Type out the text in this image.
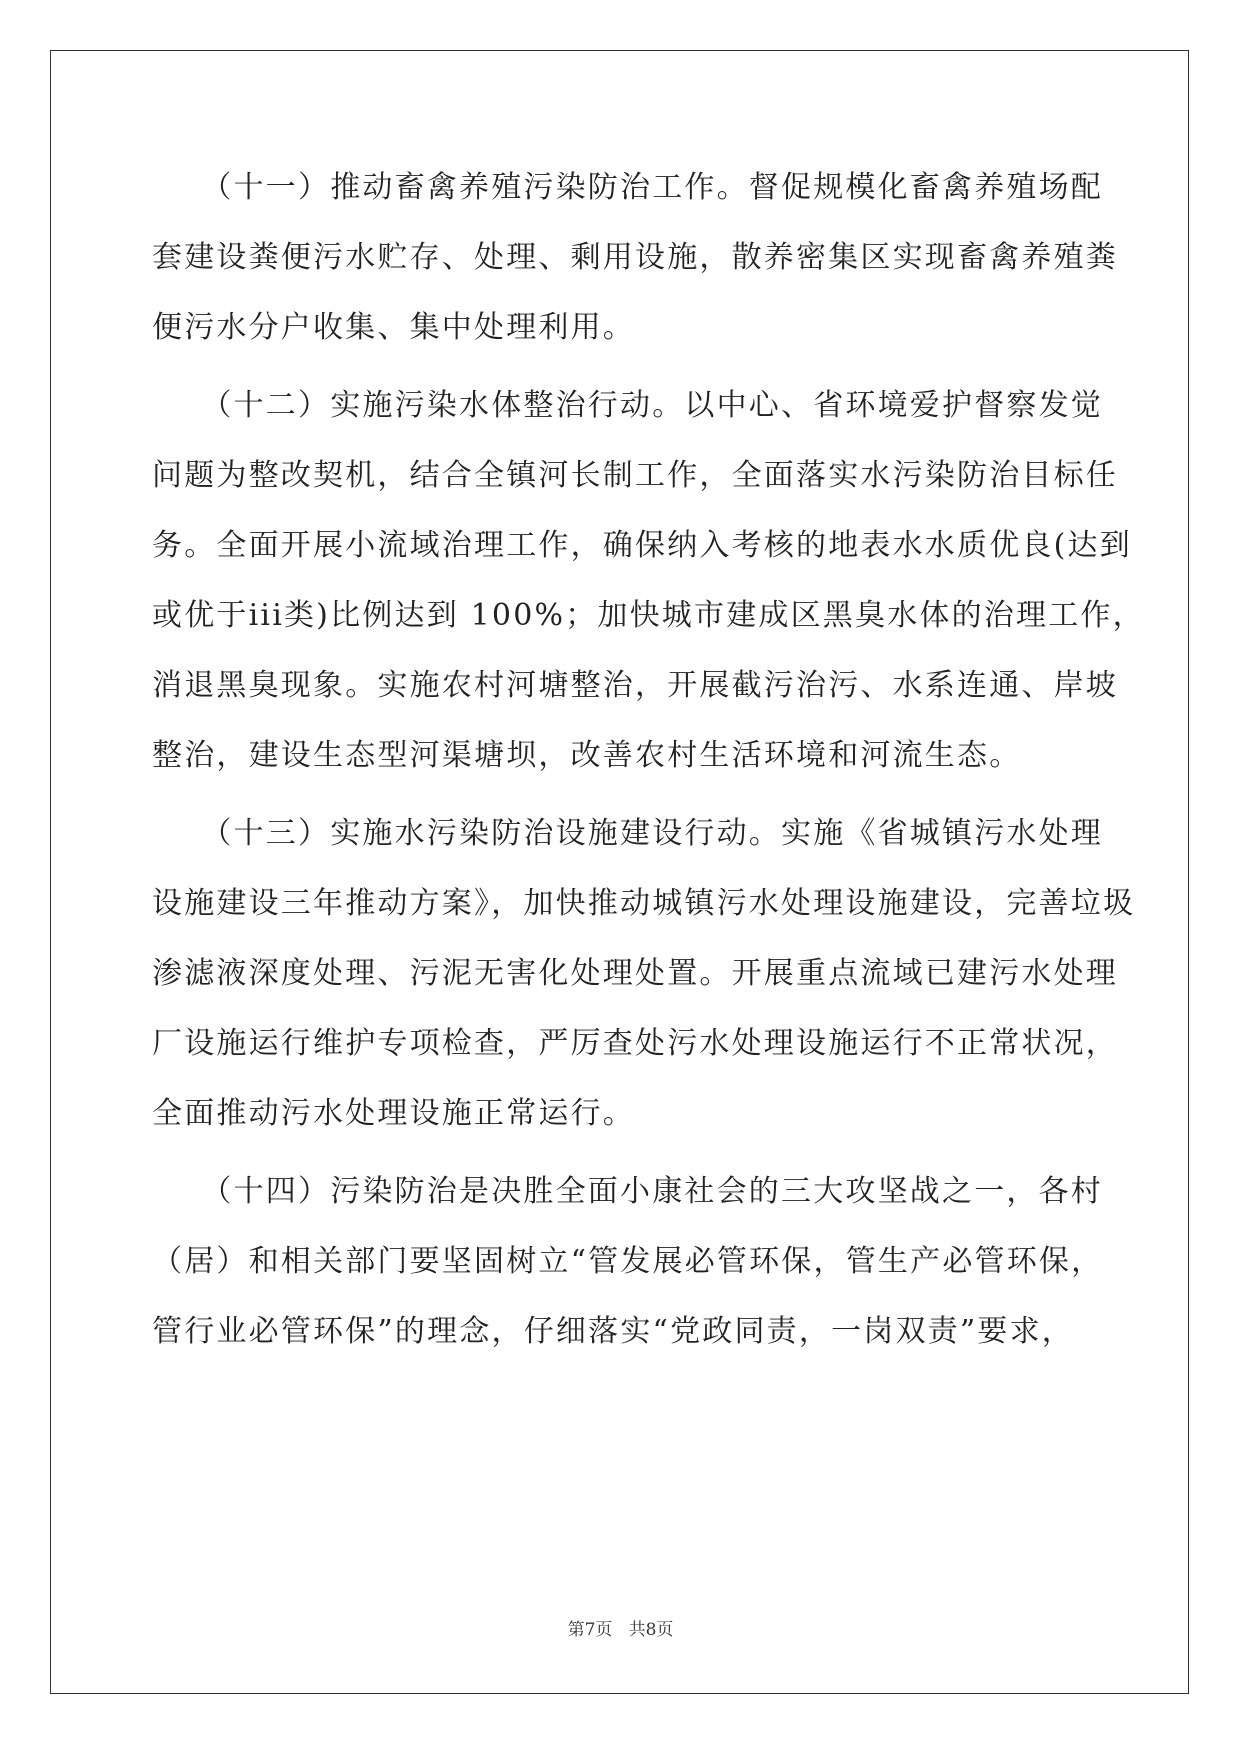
　　（十一）推动畜禽养殖污染防治工作。督促规模化畜禽养殖场配
套建设粪便污水贮存、处理、剩用设施，散养密集区实现畜禽养殖粪
便污水分户收集、集中处理利用。
　　（十二）实施污染水体整治行动。以中心、省环境爱护督察发觉
问题为整改契机，结合全镇河长制工作，全面落实水污染防治目标任
务。全面开展小流域治理工作，确保纳入考核的地表水水质优良(达到
或优于iii类)比例达到 100%；加快城市建成区黑臭水体的治理工作，
消退黑臭现象。实施农村河塘整治，开展截污治污、水系连通、岸坡
整治，建设生态型河渠塘坝，改善农村生活环境和河流生态。
　　（十三）实施水污染防治设施建设行动。实施《省城镇污水处理
设施建设三年推动方案》，加快推动城镇污水处理设施建设，完善垃圾
渗滤液深度处理、污泥无害化处理处置。开展重点流域已建污水处理
厂设施运行维护专项检查，严厉查处污水处理设施运行不正常状况，
全面推动污水处理设施正常运行。
　　（十四）污染防治是决胜全面小康社会的三大攻坚战之一，各村
（居）和相关部门要坚固树立“管发展必管环保，管生产必管环保，
管行业必管环保”的理念，仔细落实“党政同责，一岗双责”要求，
第7页   共8页
